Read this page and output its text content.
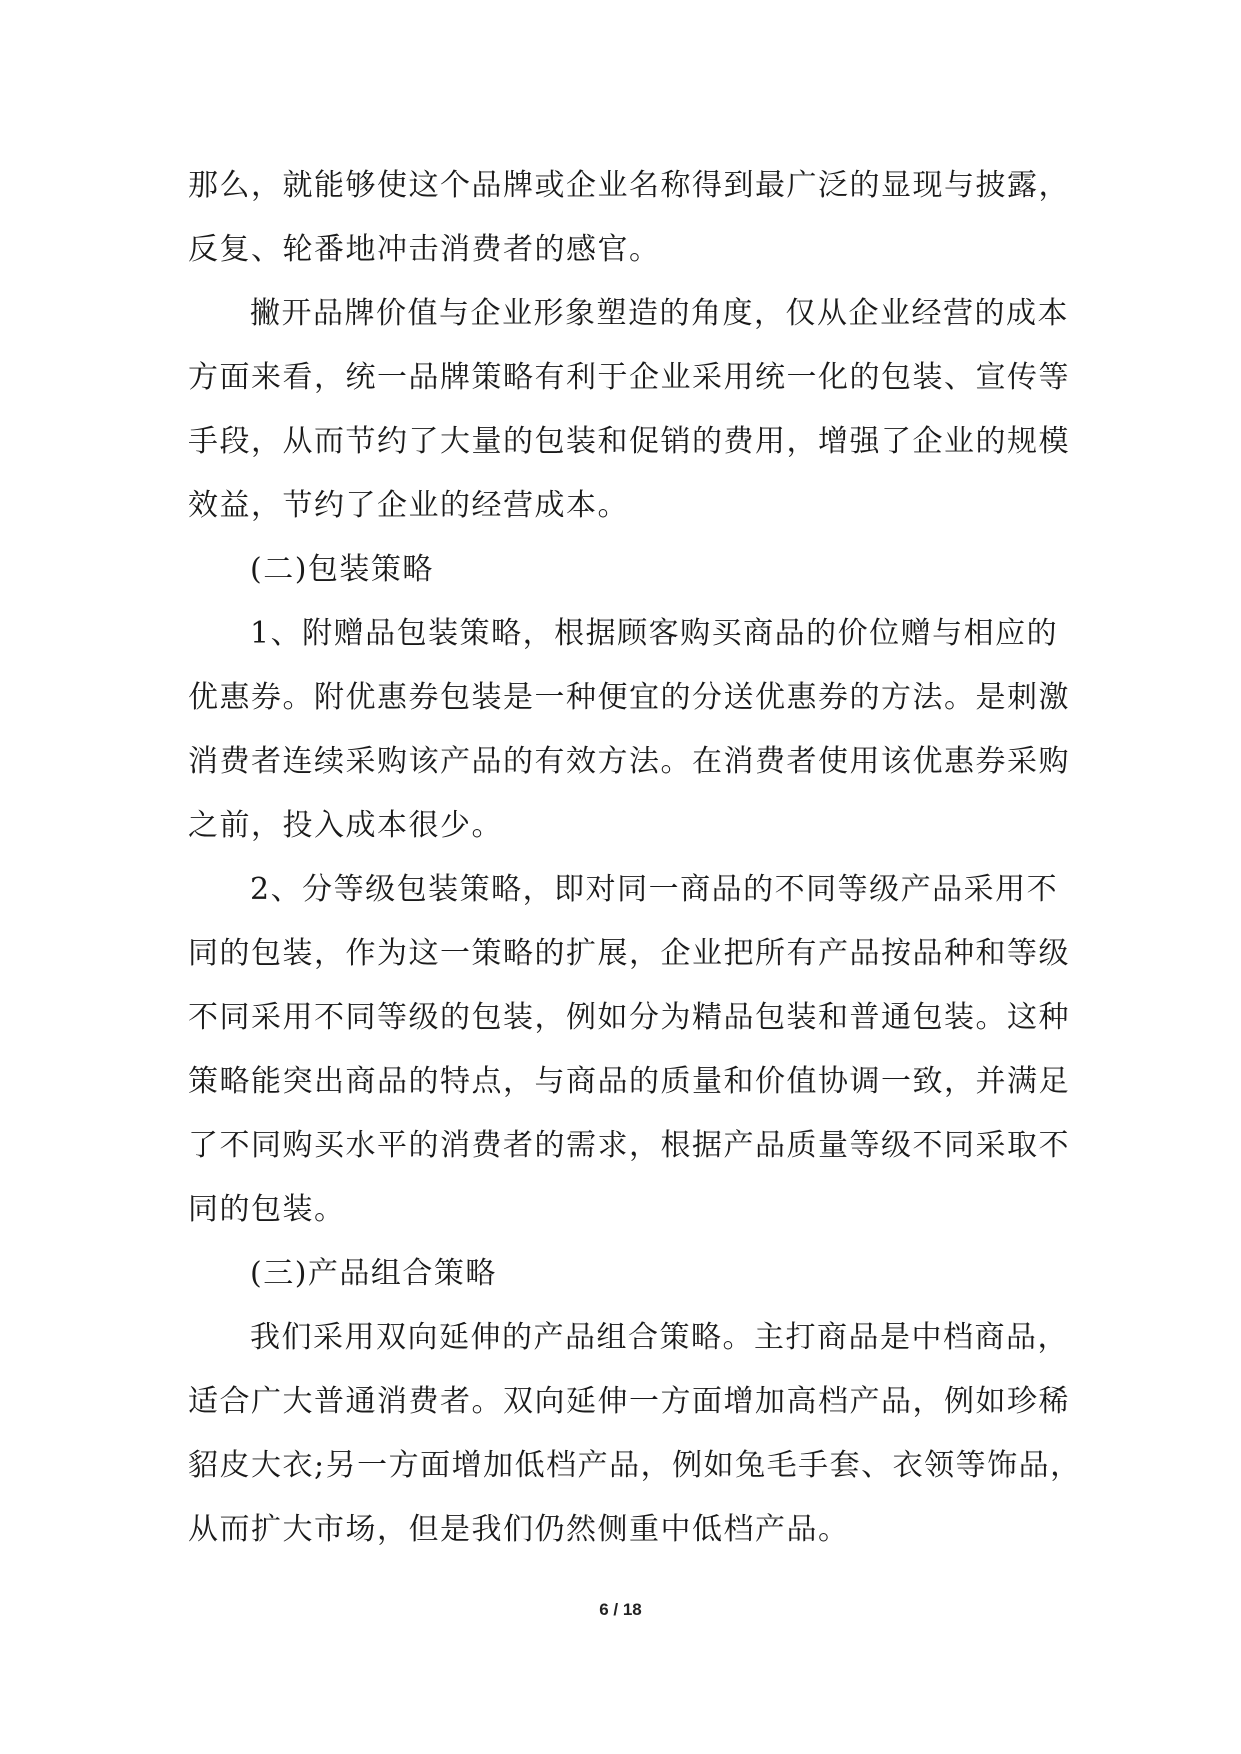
那么，就能够使这个品牌或企业名称得到最广泛的显现与披露，
反复、轮番地冲击消费者的感官。
撇开品牌价值与企业形象塑造的角度，仅从企业经营的成本
方面来看，统一品牌策略有利于企业采用统一化的包装、宣传等
手段，从而节约了大量的包装和促销的费用，增强了企业的规模
效益，节约了企业的经营成本。
(二)包装策略
1、附赠品包装策略，根据顾客购买商品的价位赠与相应的
优惠券。附优惠券包装是一种便宜的分送优惠券的方法。是刺激
消费者连续采购该产品的有效方法。在消费者使用该优惠券采购
之前，投入成本很少。
2、分等级包装策略，即对同一商品的不同等级产品采用不
同的包装，作为这一策略的扩展，企业把所有产品按品种和等级
不同采用不同等级的包装，例如分为精品包装和普通包装。这种
策略能突出商品的特点，与商品的质量和价值协调一致，并满足
了不同购买水平的消费者的需求，根据产品质量等级不同采取不
同的包装。
(三)产品组合策略
我们采用双向延伸的产品组合策略。主打商品是中档商品，
适合广大普通消费者。双向延伸一方面增加高档产品，例如珍稀
貂皮大衣;另一方面增加低档产品，例如兔毛手套、衣领等饰品，
从而扩大市场，但是我们仍然侧重中低档产品。
6 / 18
